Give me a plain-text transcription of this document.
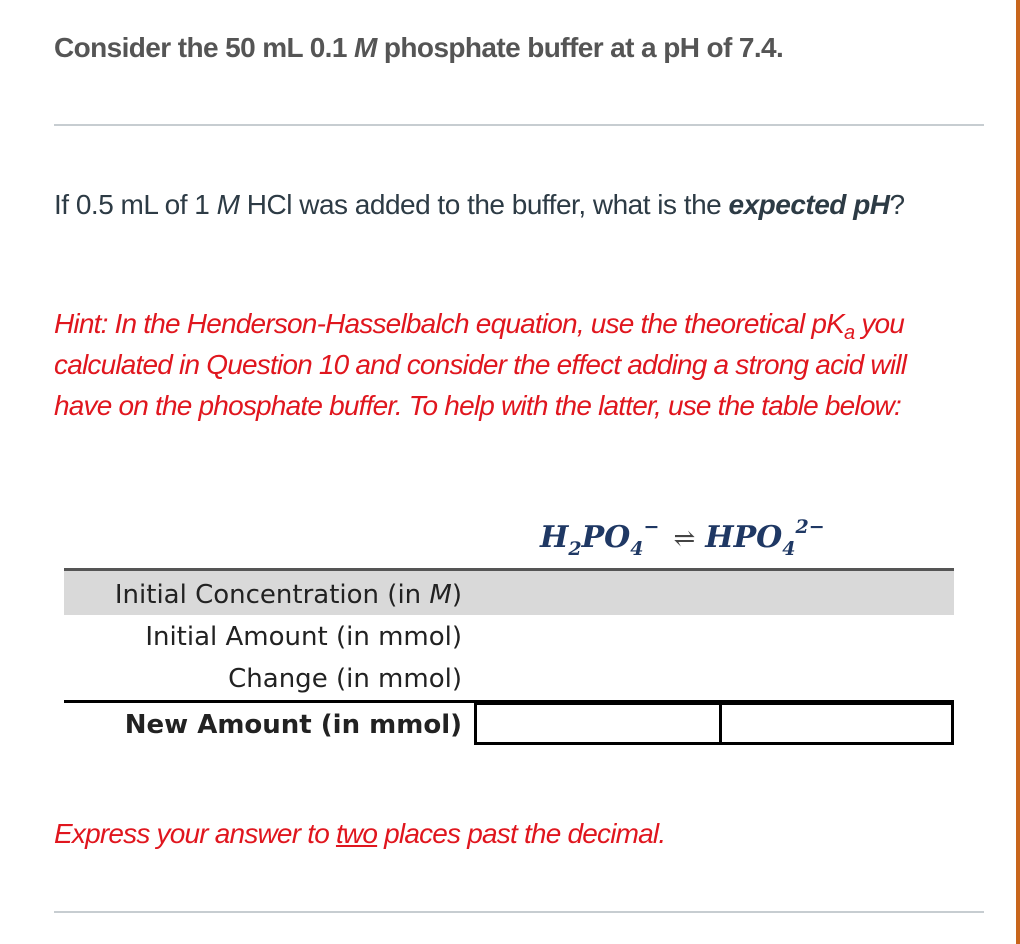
Consider the 50 mL 0.1 M phosphate buffer at a pH of 7.4.
If 0.5 mL of 1 M HCl was added to the buffer, what is the expected pH?
Hint: In the Henderson-Hasselbalch equation, use the theoretical $pK_a$ you calculated in Question 10 and consider the effect adding a strong acid will have on the phosphate buffer. To help with the latter, use the table below:
$H_2PO_4^-$ ⇌ $HPO_4^{2-}$
Initial Concentration (in M)
Initial Amount (in mmol)
Change (in mmol)
New Amount (in mmol)
Express your answer to two places past the decimal.
